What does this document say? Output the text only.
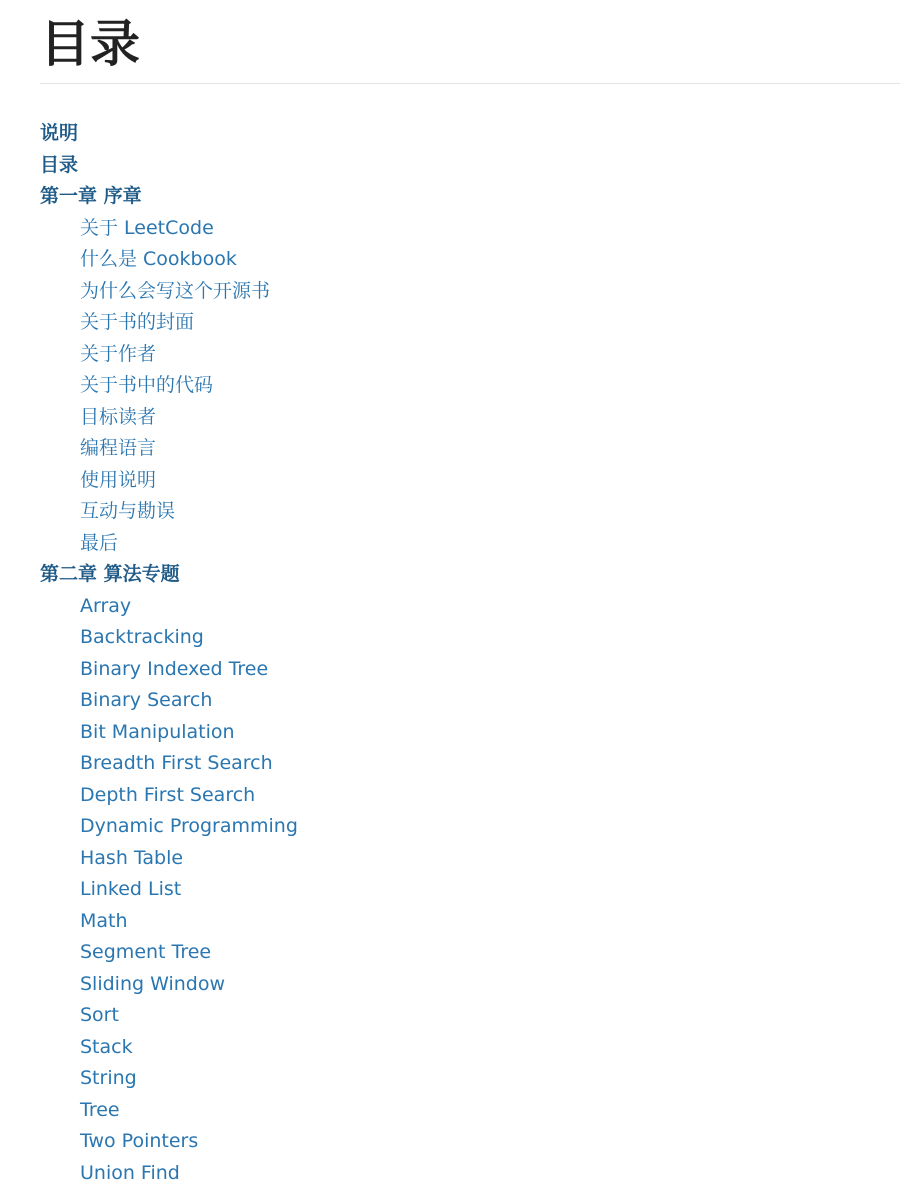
目录
说明
目录
第一章 序章
关于 LeetCode
什么是 Cookbook
为什么会写这个开源书
关于书的封面
关于作者
关于书中的代码
目标读者
编程语言
使用说明
互动与勘误
最后
第二章 算法专题
Array
Backtracking
Binary Indexed Tree
Binary Search
Bit Manipulation
Breadth First Search
Depth First Search
Dynamic Programming
Hash Table
Linked List
Math
Segment Tree
Sliding Window
Sort
Stack
String
Tree
Two Pointers
Union Find
